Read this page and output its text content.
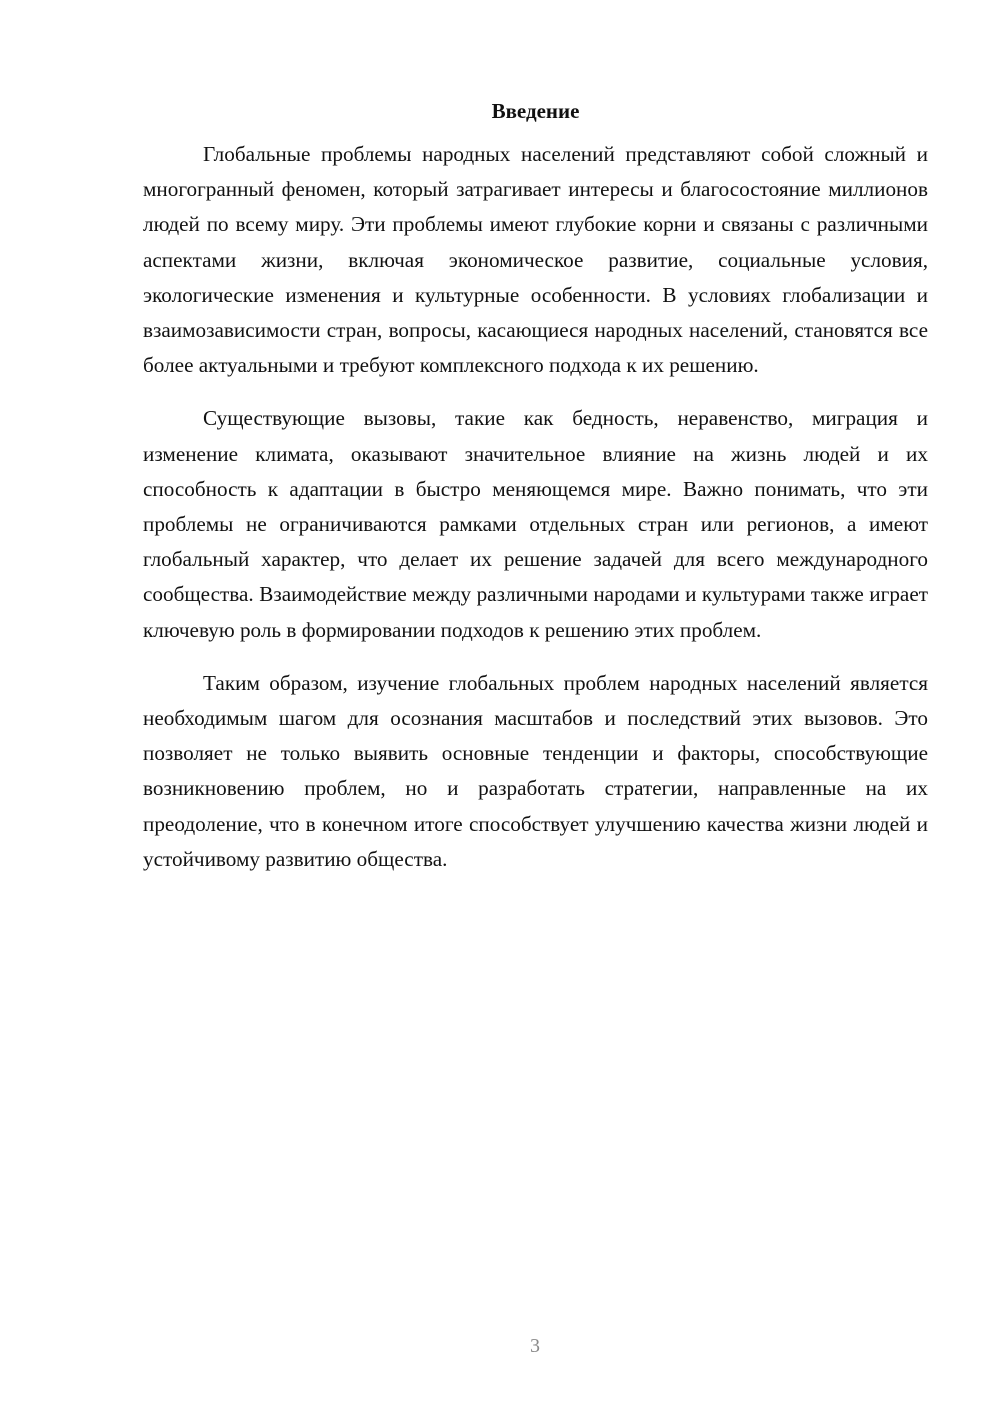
Введение

Глобальные проблемы народных населений представляют собой сложный и многогранный феномен, который затрагивает интересы и благосостояние миллионов людей по всему миру. Эти проблемы имеют глубокие корни и связаны с различными аспектами жизни, включая экономическое развитие, социальные условия, экологические изменения и культурные особенности. В условиях глобализации и взаимозависимости стран, вопросы, касающиеся народных населений, становятся все более актуальными и требуют комплексного подхода к их решению.

Существующие вызовы, такие как бедность, неравенство, миграция и изменение климата, оказывают значительное влияние на жизнь людей и их способность к адаптации в быстро меняющемся мире. Важно понимать, что эти проблемы не ограничиваются рамками отдельных стран или регионов, а имеют глобальный характер, что делает их решение задачей для всего международного сообщества. Взаимодействие между различными народами и культурами также играет ключевую роль в формировании подходов к решению этих проблем.

Таким образом, изучение глобальных проблем народных населений является необходимым шагом для осознания масштабов и последствий этих вызовов. Это позволяет не только выявить основные тенденции и факторы, способствующие возникновению проблем, но и разработать стратегии, направленные на их преодоление, что в конечном итоге способствует улучшению качества жизни людей и устойчивому развитию общества.

3
